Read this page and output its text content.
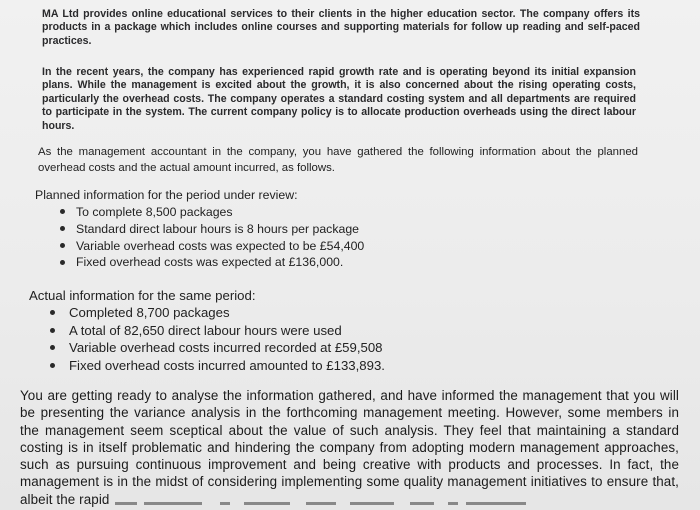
MA Ltd provides online educational services to their clients in the higher education sector. The company offers its products in a package which includes online courses and supporting materials for follow up reading and self-paced practices.

In the recent years, the company has experienced rapid growth rate and is operating beyond its initial expansion plans. While the management is excited about the growth, it is also concerned about the rising operating costs, particularly the overhead costs. The company operates a standard costing system and all departments are required to participate in the system. The current company policy is to allocate production overheads using the direct labour hours.

As the management accountant in the company, you have gathered the following information about the planned overhead costs and the actual amount incurred, as follows.

Planned information for the period under review:

To complete 8,500 packages
Standard direct labour hours is 8 hours per package
Variable overhead costs was expected to be £54,400
Fixed overhead costs was expected at £136,000.

Actual information for the same period:

Completed 8,700 packages
A total of 82,650 direct labour hours were used
Variable overhead costs incurred recorded at £59,508
Fixed overhead costs incurred amounted to £133,893.

You are getting ready to analyse the information gathered, and have informed the management that you will be presenting the variance analysis in the forthcoming management meeting. However, some members in the management seem sceptical about the value of such analysis. They feel that maintaining a standard costing is in itself problematic and hindering the company from adopting modern management approaches, such as pursuing continuous improvement and being creative with products and processes. In fact, the management is in the midst of considering implementing some quality management initiatives to ensure that, albeit the rapid
